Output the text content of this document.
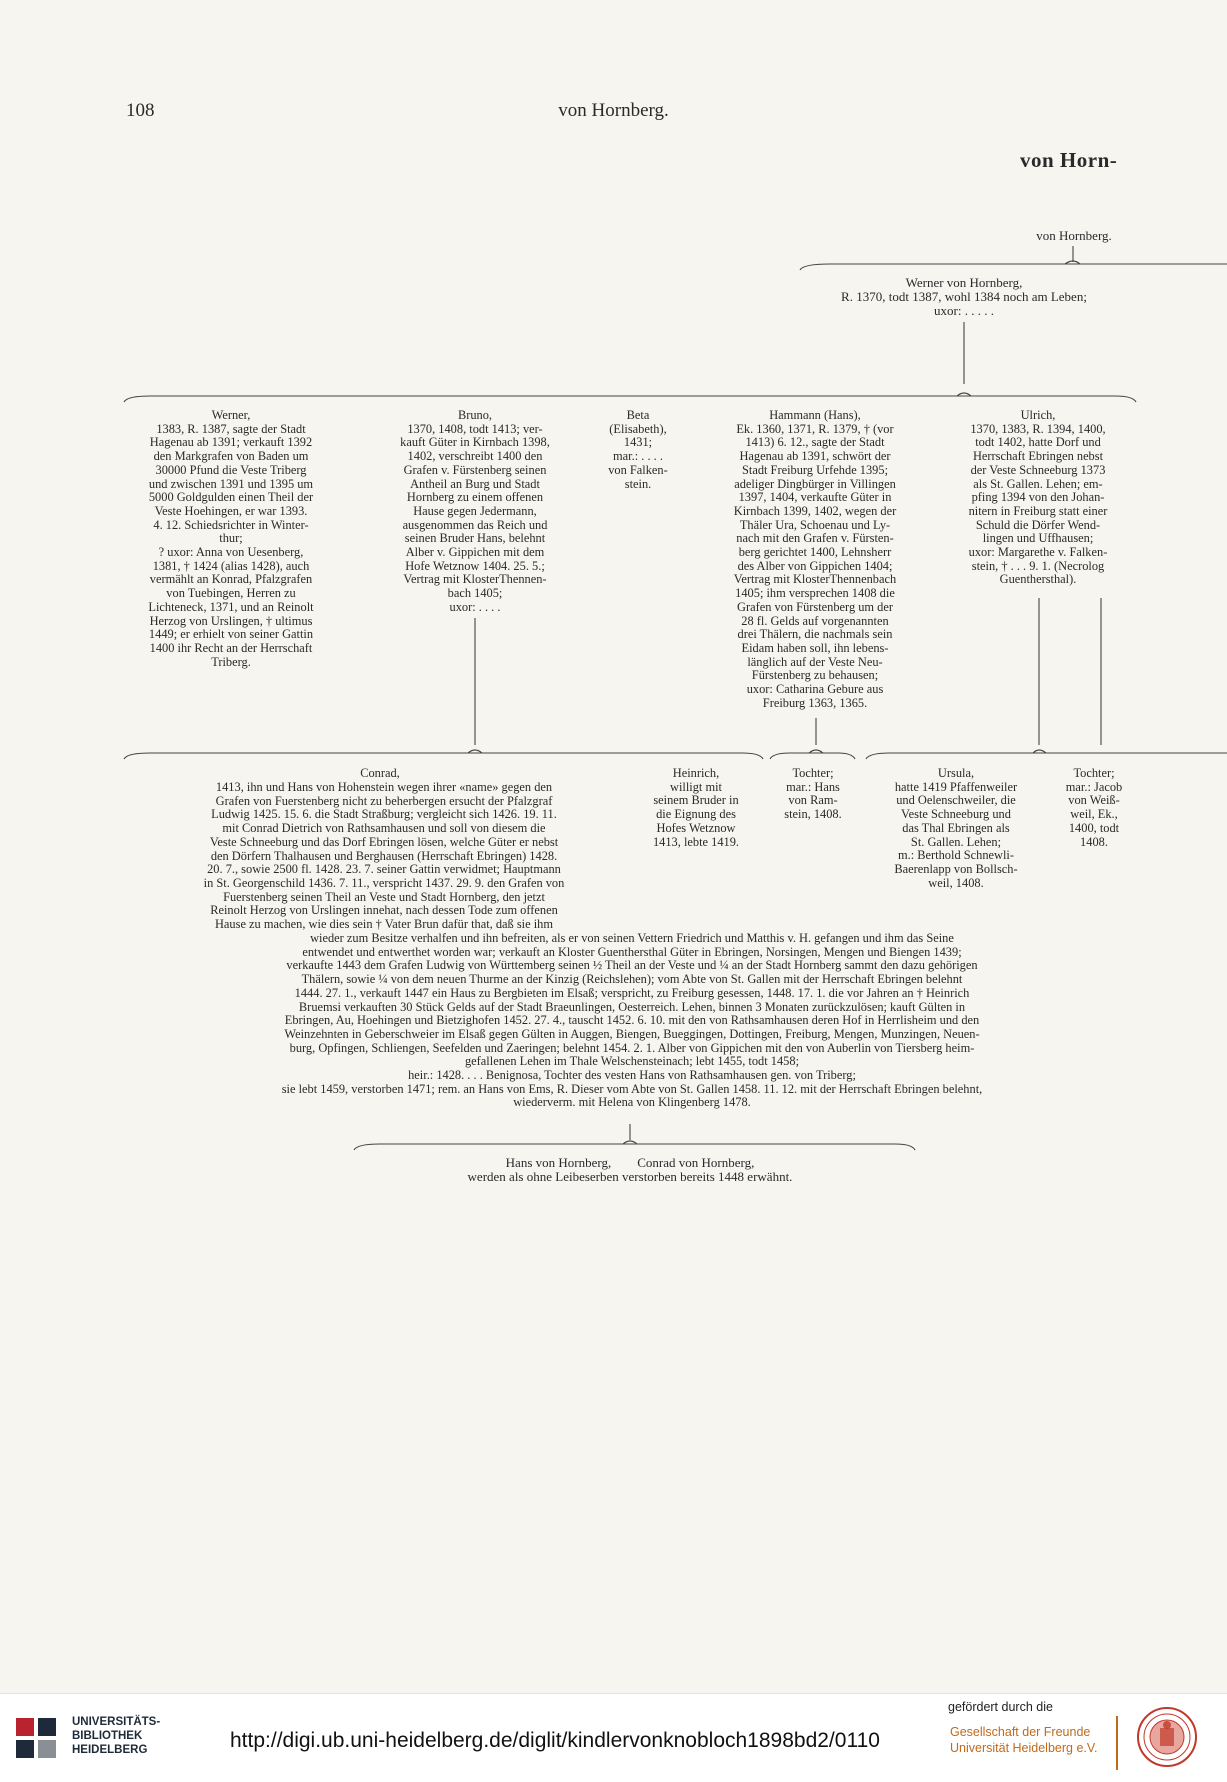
108	von Hornberg.
von Horn-
von Hornberg.
Werner von Hornberg,
R. 1370, todt 1387, wohl 1384 noch am Leben;
uxor: . . . . .
Werner,
1383, R. 1387, sagte der Stadt
Hagenau ab 1391; verkauft 1392
den Markgrafen von Baden um
30000 Pfund die Veste Triberg
und zwischen 1391 und 1395 um
5000 Goldgulden einen Theil der
Veste Hoehingen, er war 1393.
4. 12. Schiedsrichter in Winter-
thur;
? uxor: Anna von Uesenberg,
1381, † 1424 (alias 1428), auch
vermählt an Konrad, Pfalzgrafen
von Tuebingen, Herren zu
Lichteneck, 1371, und an Reinolt
Herzog von Urslingen, † ultimus
1449; er erhielt von seiner Gattin
1400 ihr Recht an der Herrschaft
Triberg.
Bruno,
1370, 1408, todt 1413; ver-
kauft Güter in Kirnbach 1398,
1402, verschreibt 1400 den
Grafen v. Fürstenberg seinen
Antheil an Burg und Stadt
Hornberg zu einem offenen
Hause gegen Jedermann,
ausgenommen das Reich und
seinen Bruder Hans, belehnt
Alber v. Gippichen mit dem
Hofe Wetznow 1404. 25. 5.;
Vertrag mit KlosterThennen-
bach 1405;
uxor: . . . .
Beta
(Elisabeth),
1431;
mar.: . . . .
von Falken-
stein.
Hammann (Hans),
Ek. 1360, 1371, R. 1379, † (vor
1413) 6. 12., sagte der Stadt
Hagenau ab 1391, schwört der
Stadt Freiburg Urfehde 1395;
adeliger Dingbürger in Villingen
1397, 1404, verkaufte Güter in
Kirnbach 1399, 1402, wegen der
Thäler Ura, Schoenau und Ly-
nach mit den Grafen v. Fürsten-
berg gerichtet 1400, Lehnsherr
des Alber von Gippichen 1404;
Vertrag mit KlosterThennenbach
1405; ihm versprechen 1408 die
Grafen von Fürstenberg um der
28 fl. Gelds auf vorgenannten
drei Thälern, die nachmals sein
Eidam haben soll, ihn lebens-
länglich auf der Veste Neu-
Fürstenberg zu behausen;
uxor: Catharina Gebure aus
Freiburg 1363, 1365.
Ulrich,
1370, 1383, R. 1394, 1400,
todt 1402, hatte Dorf und
Herrschaft Ebringen nebst
der Veste Schneeburg 1373
als St. Gallen. Lehen; em-
pfing 1394 von den Johan-
nitern in Freiburg statt einer
Schuld die Dörfer Wend-
lingen und Uffhausen;
uxor: Margarethe v. Falken-
stein, † . . . 9. 1. (Necrolog
Guenthersthal).
Conrad,
1413, ihn und Hans von Hohenstein wegen ihrer «name» gegen den
Grafen von Fuerstenberg nicht zu beherbergen ersucht der Pfalzgraf
Ludwig 1425. 15. 6. die Stadt Straßburg; vergleicht sich 1426. 19. 11.
mit Conrad Dietrich von Rathsamhausen und soll von diesem die
Veste Schneeburg und das Dorf Ebringen lösen, welche Güter er nebst
den Dörfern Thalhausen und Berghausen (Herrschaft Ebringen) 1428.
20. 7., sowie 2500 fl. 1428. 23. 7. seiner Gattin verwidmet; Hauptmann
in St. Georgenschild 1436. 7. 11., verspricht 1437. 29. 9. den Grafen von
Fuerstenberg seinen Theil an Veste und Stadt Hornberg, den jetzt
Reinolt Herzog von Urslingen innehat, nach dessen Tode zum offenen
Hause zu machen, wie dies sein † Vater Brun dafür that, daß sie ihm
wieder zum Besitze verhalfen und ihn befreiten, als er von seinen Vettern Friedrich und Matthis v. H. gefangen und ihm das Seine
entwendet und entwerthet worden war; verkauft an Kloster Guenthersthal Güter in Ebringen, Norsingen, Mengen und Biengen 1439;
verkaufte 1443 dem Grafen Ludwig von Württemberg seinen ½ Theil an der Veste und ¼ an der Stadt Hornberg sammt den dazu gehörigen
Thälern, sowie ¼ von dem neuen Thurme an der Kinzig (Reichslehen); vom Abte von St. Gallen mit der Herrschaft Ebringen belehnt
1444. 27. 1., verkauft 1447 ein Haus zu Bergbieten im Elsaß; verspricht, zu Freiburg gesessen, 1448. 17. 1. die vor Jahren an † Heinrich
Bruemsi verkauften 30 Stück Gelds auf der Stadt Braeunlingen, Oesterreich. Lehen, binnen 3 Monaten zurückzulösen; kauft Gülten in
Ebringen, Au, Hoehingen und Bietzighofen 1452. 27. 4., tauscht 1452. 6. 10. mit den von Rathsamhausen deren Hof in Herrlisheim und den
Weinzehnten in Geberschweier im Elsaß gegen Gülten in Auggen, Biengen, Bueggingen, Dottingen, Freiburg, Mengen, Munzingen, Neuen-
burg, Opfingen, Schliengen, Seefelden und Zaeringen; belehnt 1454. 2. 1. Alber von Gippichen mit den von Auberlin von Tiersberg heim-
gefallenen Lehen im Thale Welschensteinach; lebt 1455, todt 1458;
heir.: 1428. . . . Benignosa, Tochter des vesten Hans von Rathsamhausen gen. von Triberg;
sie lebt 1459, verstorben 1471; rem. an Hans von Ems, R. Dieser vom Abte von St. Gallen 1458. 11. 12. mit der Herrschaft Ebringen belehnt,
wiederverm. mit Helena von Klingenberg 1478.
Heinrich,
willigt mit
seinem Bruder in
die Eignung des
Hofes Wetznow
1413, lebte 1419.
Tochter;
mar.: Hans
von Ram-
stein, 1408.
Ursula,
hatte 1419 Pfaffenweiler
und Oelenschweiler, die
Veste Schneeburg und
das Thal Ebringen als
St. Gallen. Lehen;
m.: Berthold Schnewli-
Baerenlapp von Bollsch-
weil, 1408.
Tochter;
mar.: Jacob
von Weiß-
weil, Ek.,
1400, todt
1408.
Hans von Hornberg,        Conrad von Hornberg,
werden als ohne Leibeserben verstorben bereits 1448 erwähnt.
UNIVERSITÄTS-
BIBLIOTHEK
HEIDELBERG	http://digi.ub.uni-heidelberg.de/diglit/kindlervonknobloch1898bd2/0110
gefördert durch die
Gesellschaft der Freunde
Universität Heidelberg e.V.
